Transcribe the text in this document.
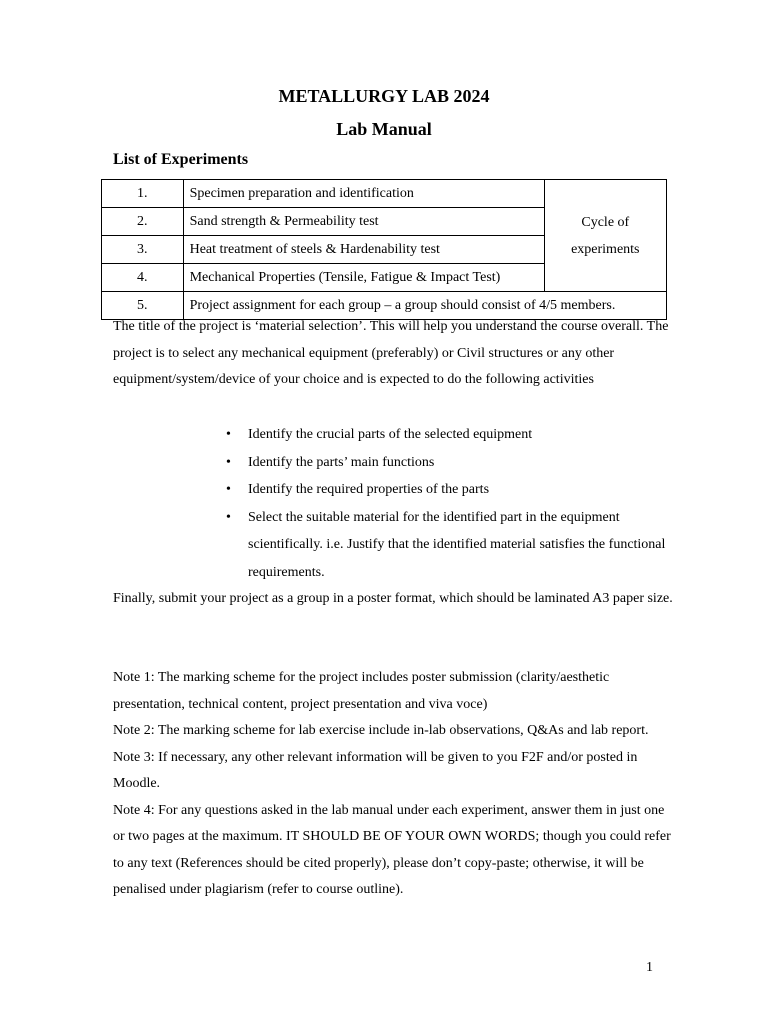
METALLURGY LAB 2024
Lab Manual
List of Experiments
1.	Specimen preparation and identification	Cycle of
experiments

2.	Sand strength & Permeability test	
3.	Heat treatment of steels & Hardenability test	
4.	Mechanical Properties (Tensile, Fatigue & Impact Test)	
5.	Project assignment for each group – a group should consist of 4/5 members.	
The title of the project is ‘material selection’. This will help you understand the course overall. The project is to select any mechanical equipment (preferably) or Civil structures or any other equipment/system/device of your choice and is expected to do the following activities
• Identify the crucial parts of the selected equipment
• Identify the parts’ main functions
• Identify the required properties of the parts
• Select the suitable material for the identified part in the equipment scientifically. i.e. Justify that the identified material satisfies the functional requirements.
Finally, submit your project as a group in a poster format, which should be laminated A3 paper size.
Note 1: The marking scheme for the project includes poster submission (clarity/aesthetic presentation, technical content, project presentation and viva voce)
Note 2: The marking scheme for lab exercise include in-lab observations, Q&As and lab report.
Note 3: If necessary, any other relevant information will be given to you F2F and/or posted in Moodle.
Note 4: For any questions asked in the lab manual under each experiment, answer them in just one or two pages at the maximum. IT SHOULD BE OF YOUR OWN WORDS; though you could refer to any text (References should be cited properly), please don’t copy-paste; otherwise, it will be penalised under plagiarism (refer to course outline).
1
